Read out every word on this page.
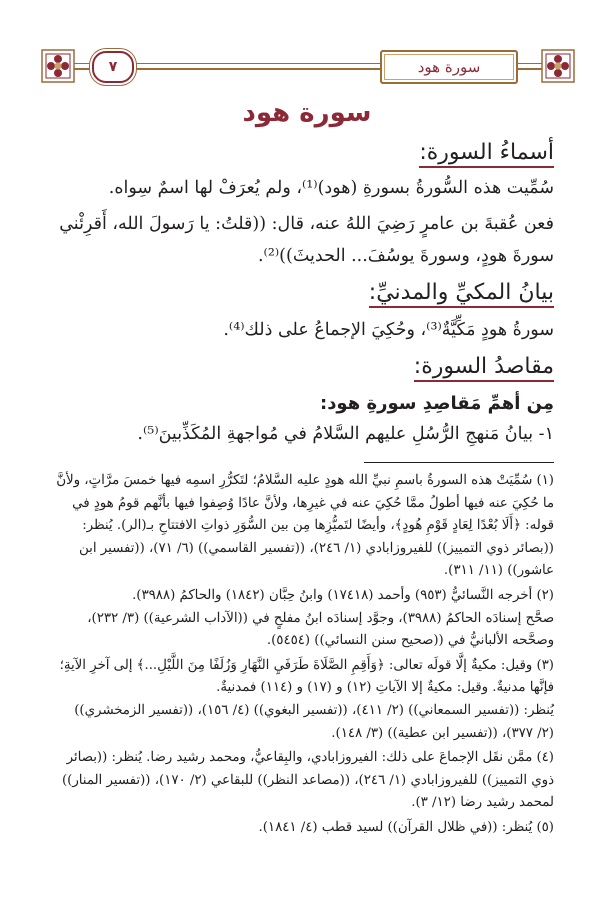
٧	سورة هود
سورة هود
أسماءُ السورة:
سُمِّيت هذه السُّورةُ بسورةِ (هود)⁽¹⁾، ولم يُعرَفْ لها اسمٌ سِواه.
فعن عُقبةَ بن عامرٍ رَضِيَ اللهُ عنه، قال: ((قلتُ: يا رَسولَ الله، أَقرِئْني
سورةَ هودٍ، وسورةَ يوسُفَ... الحديثَ))⁽²⁾.
بيانُ المكيِّ والمدنيِّ:
سورةُ هودٍ مَكِّيَّةٌ⁽³⁾، وحُكِيَ الإجماعُ على ذلك⁽⁴⁾.
مقاصدُ السورة:
مِن أهمِّ مَقاصِدِ سورةِ هود:
١- بيانُ مَنهجِ الرُّسُلِ عليهم السَّلامُ في مُواجهةِ المُكَذِّبينَ⁽⁵⁾.

(١) سُمِّيَتْ هذه السورةُ باسمِ نبيِّ الله هودٍ عليه السَّلامُ؛ لتَكرُّرِ اسمِه فيها خمسَ مرَّاتٍ، ولأنَّ

ما حُكِيَ عنه فيها أطولُ ممَّا حُكِيَ عنه في غيرِها، ولأنَّ عادًا وُصِفوا فيها بأنَّهم قومُ هودٍ في

قوله: ﴿أَلَا بُعْدًا لِعَادٍ قَوْمِ هُودٍ﴾، وأيضًا لتَميُّزِها مِن بين السُّوَرِ ذواتِ الافتتاحِ بـ(الر). يُنظر:

((بصائر ذوي التمييز)) للفيروزابادي (١/ ٢٤٦)، ((تفسير القاسمي)) (٦/ ٧١)، ((تفسير ابن

عاشور)) (١١/ ٣١١).

(٢) أخرجه النَّسائيُّ (٩٥٣) وأحمد (١٧٤١٨) وابنُ حِبَّان (١٨٤٢) والحاكمُ (٣٩٨٨).

صحَّح إسنادَه الحاكمُ (٣٩٨٨)، وجوَّد إسنادَه ابنُ مفلحٍ في ((الآداب الشرعية)) (٣/ ٢٣٢)،

وصحَّحه الألبانيُّ في ((صحيح سنن النسائي)) (٥٤٥٤).

(٣) وقيل: مكيةٌ إلَّا قولَه تعالى: ﴿وَأَقِمِ الصَّلَاةَ طَرَفَيِ النَّهَارِ وَزُلَفًا مِنَ اللَّيْلِ...﴾ إلى آخرِ الآيةِ؛

فإنَّها مدنيةٌ. وقيل: مكيةٌ إلا الآياتِ (١٢) و (١٧) و (١١٤) فمدنيةٌ.

يُنظر: ((تفسير السمعاني)) (٢/ ٤١١)، ((تفسير البغوي)) (٤/ ١٥٦)، ((تفسير الزمخشري))

(٢/ ٣٧٧)، ((تفسير ابن عطية)) (٣/ ١٤٨).

(٤) ممَّن نقَل الإجماعَ على ذلك: الفيروزابادي، والبِقاعيُّ، ومحمد رشيد رضا. يُنظر: ((بصائر

ذوي التمييز)) للفيروزابادي (١/ ٢٤٦)، ((مصاعد النظر)) للبقاعي (٢/ ١٧٠)، ((تفسير المنار))

لمحمد رشيد رضا (١٢/ ٣).

(٥) يُنظر: ((في ظلال القرآن)) لسيد قطب (٤/ ١٨٤١).
